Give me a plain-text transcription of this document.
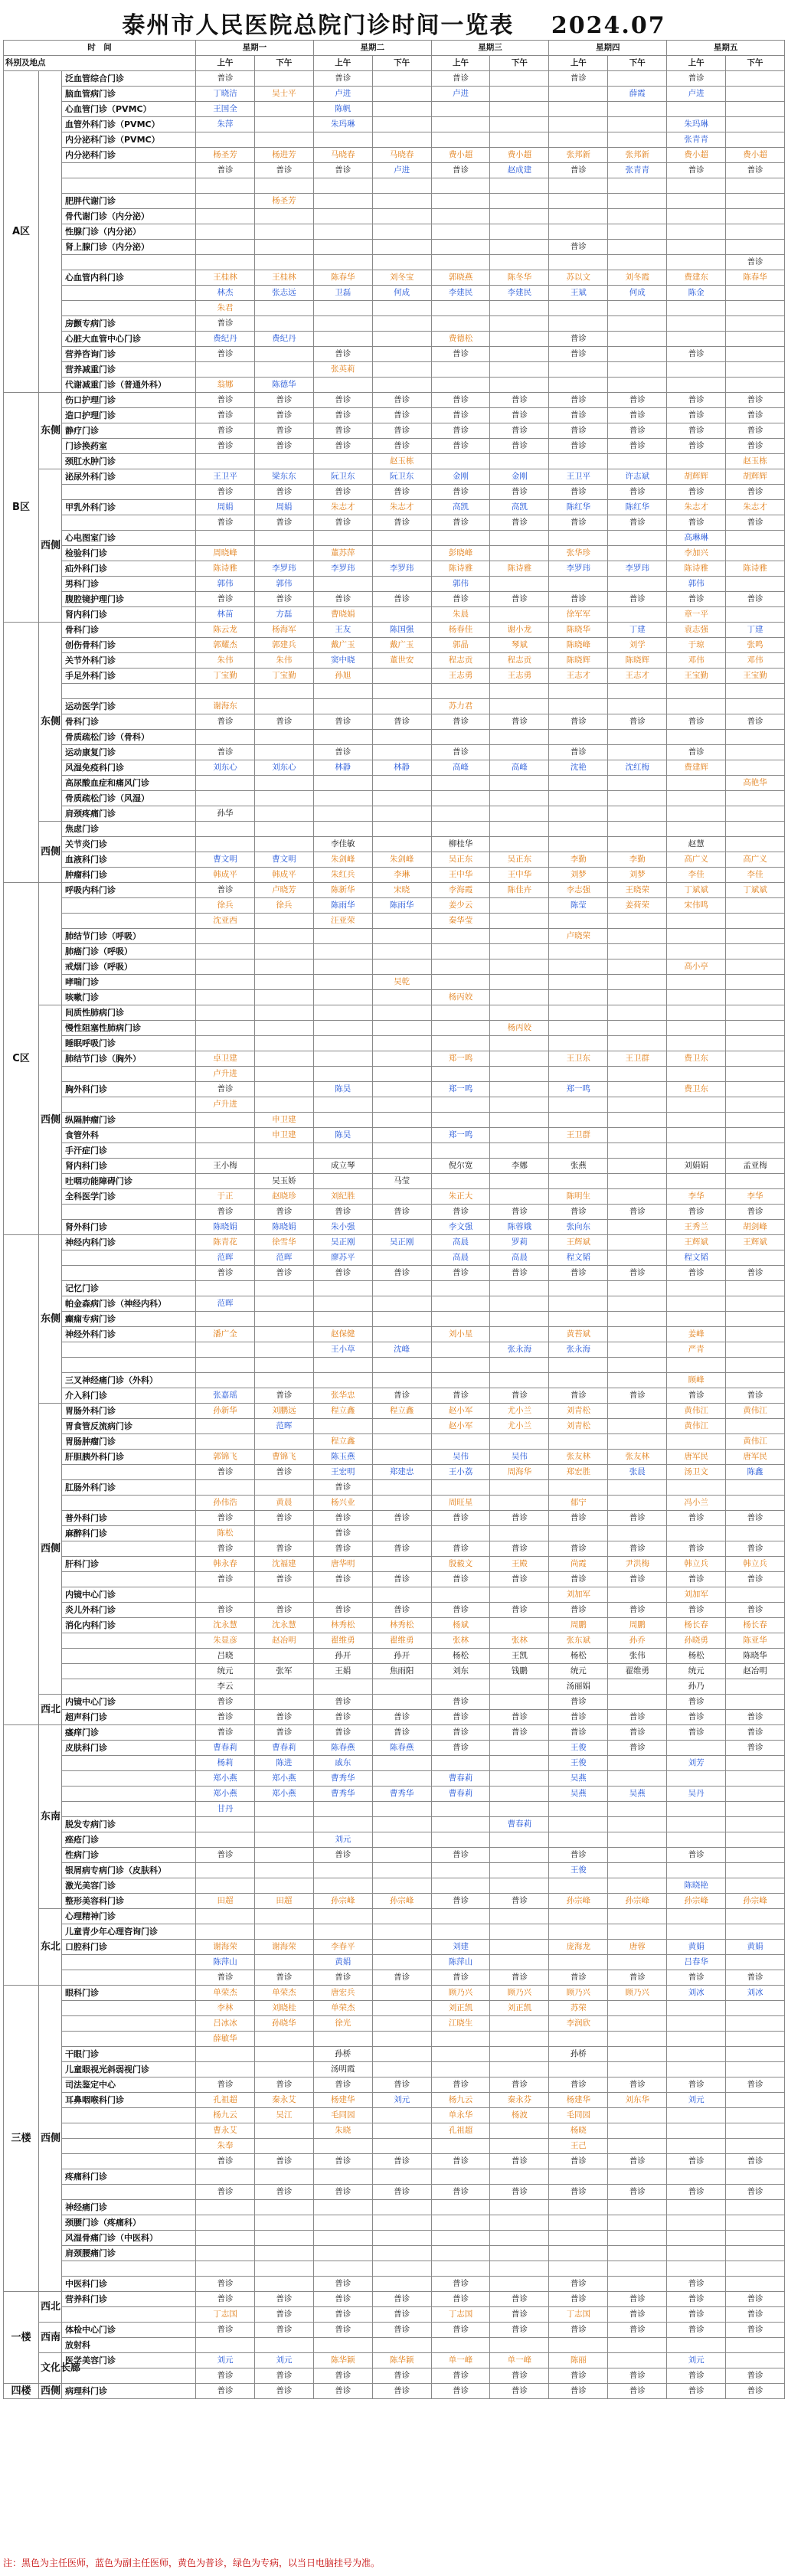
泰州市人民医院总院门诊时间一览表 2024.07
时　间			星期一		星期二		星期三		星期四		星期五	
科别及地点			上午	下午	上午	下午	上午	下午	上午	下午	上午	下午
A区		泛血管综合门诊	普诊		普诊		普诊		普诊		普诊	
		脑血管病门诊	丁晓洁	吴士平	卢进		卢进			薛霞	卢进	
		心血管门诊（PVMC）	王国全		陈帆							
		血管外科门诊（PVMC）	朱萍		朱玛琳						朱玛琳	
		内分泌科门诊（PVMC）									张青青	
		内分泌科门诊	杨圣芳	杨进芳	马晓春	马晓春	费小超	费小超	张邦新	张邦新	费小超	费小超
			普诊	普诊	普诊	卢进	普诊	赵成建	普诊	张青青	普诊	普诊

		肥胖代谢门诊		杨圣芳								
		骨代谢门诊（内分泌）										
		性腺门诊（内分泌）										
		肾上腺门诊（内分泌）							普诊			
												普诊
		心血管内科门诊	王桂林	王桂林	陈春华	刘冬宝	郭晓燕	陈冬华	苏以文	刘冬霞	费建东	陈春华
			林杰	张志远	卫磊	何成	李建民	李建民	王斌	何成	陈金	
			朱君									
		房颤专病门诊	普诊									
		心脏大血管中心门诊	费纪丹	费纪丹			费德松		普诊			
		营养咨询门诊	普诊		普诊		普诊		普诊		普诊	
		营养减重门诊			张英莉							
		代谢减重门诊（普通外科）	翁娜	陈德华								
B区	东侧	伤口护理门诊	普诊	普诊	普诊	普诊	普诊	普诊	普诊	普诊	普诊	普诊
		造口护理门诊	普诊	普诊	普诊	普诊	普诊	普诊	普诊	普诊	普诊	普诊
		静疗门诊	普诊	普诊	普诊	普诊	普诊	普诊	普诊	普诊	普诊	普诊
		门诊换药室	普诊	普诊	普诊	普诊	普诊	普诊	普诊	普诊	普诊	普诊
		颈肛水肿门诊				赵玉栋						赵玉栋
	西侧	泌尿外科门诊	王卫平	梁东东	阮卫东	阮卫东	金刚	金刚	王卫平	许志斌	胡辉辉	胡辉辉
			普诊	普诊	普诊	普诊	普诊	普诊	普诊	普诊	普诊	普诊
		甲乳外科门诊	周娟	周娟	朱志才	朱志才	高凯	高凯	陈红华	陈红华	朱志才	朱志才
			普诊	普诊	普诊	普诊	普诊	普诊	普诊	普诊	普诊	普诊
		心电图室门诊									高琳琳	
		检验科门诊	周晓峰		董苏萍		彭晓峰		张华珍		李加兴	
		疝外科门诊	陈诗雅	李罗玮	李罗玮	李罗玮	陈诗雅	陈诗雅	李罗玮	李罗玮	陈诗雅	陈诗雅
		男科门诊	郭伟	郭伟			郭伟				郭伟	
		腹腔镜护理门诊	普诊	普诊	普诊	普诊	普诊	普诊	普诊	普诊	普诊	普诊
		肾内科门诊	林苗	方磊	曹晓娟		朱晨		徐军军		章一平	
	东侧	骨科门诊	陈云龙	杨海军	王友	陈国强	杨春佳	谢小龙	陈晓华	丁建	袁志强	丁建
		创伤骨科门诊	郭耀杰	郭建兵	戴广玉	戴广玉	郭晶	琴斌	陈晓峰	刘学	于琼	张鸣
		关节外科门诊	朱伟	朱伟	窦中晓	董世安	程志贡	程志贡	陈晓辉	陈晓辉	邓伟	邓伟
		手足外科门诊	丁宝勤	丁宝勤	孙旭		王志勇	王志勇	王志才	王志才	王宝勤	王宝勤

		运动医学门诊	谢海东				苏力君					
		骨科门诊	普诊	普诊	普诊	普诊	普诊	普诊	普诊	普诊	普诊	普诊
		骨质疏松门诊（骨科）										
		运动康复门诊	普诊		普诊		普诊		普诊		普诊	
		风湿免疫科门诊	刘东心	刘东心	林静	林静	高峰	高峰	沈艳	沈红梅	费建辉	
		高尿酸血症和痛风门诊										高艳华
		骨质疏松门诊（风湿）										
		肩颈疼痛门诊	孙华									
	西侧	焦虑门诊										
		关节炎门诊			李佳敏		柳桂华				赵慧	
		血液科门诊	曹文明	曹文明	朱剑峰	朱剑峰	吴正东	吴正东	李勤	李勤	高广义	高广义
		肿瘤科门诊	韩成平	韩成平	朱红兵	李琳	王中华	王中华	刘梦	刘梦	李佳	李佳
C区		呼吸内科门诊	普诊	卢晓芳	陈新华	宋晓	李海霞	陈佳卉	李志强	王晓荣	丁斌斌	丁斌斌
			徐兵	徐兵	陈雨华	陈雨华	姜少云		陈莹	姜荷荣	宋伟鸣	
			沈亚西		汪亚荣		秦华莹					
		肺结节门诊（呼吸）							卢晓荣			
		肺癌门诊（呼吸）										
		戒烟门诊（呼吸）									高小亭	
		哮喘门诊				吴乾						
		咳嗽门诊					杨丙姣					
	西侧	间质性肺病门诊										
		慢性阻塞性肺病门诊						杨丙姣				
		睡眠呼吸门诊										
		肺结节门诊（胸外）	卓卫建				郑一鸣		王卫东	王卫群	费卫东	
			卢升进									
		胸外科门诊	普诊		陈昊		郑一鸣		郑一鸣		费卫东	
			卢升进									
		纵隔肿瘤门诊		申卫建								
		食管外科		申卫建	陈昊		郑一鸣		王卫群			
		手汗症门诊										
		肾内科门诊	王小梅		成立琴		倪尔宽	李娜	张燕		刘娟娟	孟亚梅
		吐咽功能障碍门诊		吴玉娇		马莹						
		全科医学门诊	于正	赵晓珍	刘纪胜		朱正大		陈明生		李华	李华
			普诊	普诊	普诊	普诊	普诊	普诊	普诊	普诊	普诊	普诊
		肾外科门诊	陈晓娟	陈晓娟	朱小强		李文强	陈蓉娥	张向东		王秀兰	胡剑峰
	东侧	神经内科门诊	陈青花	徐雪华	吴正刚	吴正刚	高晨	罗莉	王辉斌		王辉斌	王辉斌
			范晖	范晖	廖苏平		高晨	高晨	程文韬		程文韬	
			普诊	普诊	普诊	普诊	普诊	普诊	普诊	普诊	普诊	普诊
		记忆门诊										
		帕金森病门诊（神经内科）	范晖									
		癫痫专病门诊										
		神经外科门诊	潘广全		赵保健		刘小星		黄苔斌		姜峰	
					王小草	沈峰		张永海	张永海		严青	

		三叉神经痛门诊（外科）									顾峰	
		介入科门诊	张嘉瑶	普诊	张华忠	普诊	普诊	普诊	普诊	普诊	普诊	普诊
	西侧	胃肠外科门诊	孙新华	刘鹏远	程立鑫	程立鑫	赵小军	尤小兰	刘青松		黄伟江	黄伟江
		胃食管反流病门诊		范晖			赵小军	尤小兰	刘青松		黄伟江	
		胃肠肿瘤门诊			程立鑫							黄伟江
		肝胆胰外科门诊	郭锦飞	曹锦飞	陈玉燕		吴伟	吴伟	张友林	张友林	唐军民	唐军民
			普诊	普诊	王宏明	郑建忠	王小荔	周海华	郑宏胜	张晨	汤卫文	陈鑫
		肛肠外科门诊			普诊							
			孙伟浩	黄晨	杨兴业		周旺星		郁宁		冯小兰	
		普外科门诊	普诊	普诊	普诊	普诊	普诊	普诊	普诊	普诊	普诊	普诊
		麻醉科门诊	陈松		普诊							
			普诊	普诊	普诊	普诊	普诊	普诊	普诊	普诊	普诊	普诊
		肝科门诊	韩永春	沈福建	唐华明		殷毅文	王殿	尚霞	尹洪梅	韩立兵	韩立兵
			普诊	普诊	普诊	普诊	普诊	普诊	普诊	普诊	普诊	普诊
		内镜中心门诊							刘加军		刘加军	
		炎儿外科门诊	普诊	普诊	普诊	普诊	普诊	普诊	普诊	普诊	普诊	普诊
		消化内科门诊	沈永慧	沈永慧	林秀松	林秀松	杨斌		周鹏	周鹏	杨长春	杨长春
			朱显彦	赵冶明	翟维勇	翟维勇	张林	张林	张东斌	孙乔	孙晓勇	陈亚华
			吕晓		孙开	孙开	杨松	王凯	杨松	张伟	杨松	陈晓华
			统元	张军	王娟	焦雨阳	刘东	钱鹏	统元	翟维勇	统元	赵冶明
			李云						汤丽娟		孙乃	
	西北	内镜中心门诊	普诊		普诊		普诊		普诊		普诊	
		超声科门诊	普诊	普诊	普诊	普诊	普诊	普诊	普诊	普诊	普诊	普诊
	东南	瘙痒门诊	普诊	普诊	普诊	普诊	普诊	普诊	普诊	普诊	普诊	普诊
		皮肤科门诊	曹春莉	曹春莉	陈春燕	陈春燕	普诊		王俊	普诊		普诊
			杨莉	陈进	戚东				王俊		刘芳	
			郑小燕	郑小燕	曹秀华		曹春莉		吴燕			
			郑小燕	郑小燕	曹秀华	曹秀华	曹春莉		吴燕	吴燕	吴丹	
			甘丹									
		脱发专病门诊						曹春莉				
		痤疮门诊			刘元							
		性病门诊	普诊		普诊		普诊		普诊		普诊	
		银屑病专病门诊（皮肤科）							王俊			
		激光美容门诊									陈晓艳	
		整形美容科门诊	田超	田超	孙宗峰	孙宗峰	普诊	普诊	孙宗峰	孙宗峰	孙宗峰	孙宗峰
	东北	心理精神门诊										
		儿童青少年心理咨询门诊										
		口腔科门诊	谢海荣	谢海荣	李春平		刘建		庞海龙	唐蓉	黄娟	黄娟
			陈萍山		黄娟		陈萍山				吕春华	
			普诊	普诊	普诊	普诊	普诊	普诊	普诊	普诊	普诊	普诊
三楼	西侧	眼科门诊	单荣杰	单荣杰	唐宏兵		顾乃兴	顾乃兴	顾乃兴	顾乃兴	刘冰	刘冰
			李林	刘晓桂	单荣杰		刘正凯	刘正凯	苏荣			
			吕冰冰	孙晓华	徐光		江晓生		李润欣			
			薛敏华									
		干眼门诊			孙桥				孙桥			
		儿童眼视光斜弱视门诊			汤明霞							
		司法鉴定中心	普诊	普诊	普诊	普诊	普诊	普诊	普诊	普诊	普诊	普诊
		耳鼻咽喉科门诊	孔祖超	秦永艾	杨建华	刘元	杨九云	秦永芬	杨建华	刘东华	刘元	
			杨九云	吴江	毛同园		单永华	杨波	毛同园			
			曹永艾		朱晓		孔祖超		杨晓			
			朱奉						王己			
			普诊	普诊	普诊	普诊	普诊	普诊	普诊	普诊	普诊	普诊
		疼痛科门诊										
			普诊	普诊	普诊	普诊	普诊	普诊	普诊	普诊	普诊	普诊
		神经痛门诊										
		颈腰门诊（疼痛科）										
		风湿骨痛门诊（中医科）										
		肩颈腰痛门诊										

		中医科门诊	普诊		普诊		普诊		普诊		普诊	
一楼	西北	营养科门诊	普诊	普诊	普诊	普诊	普诊	普诊	普诊	普诊	普诊	普诊
			丁志国	普诊	普诊	普诊	丁志国	普诊	丁志国	普诊	普诊	普诊
	西南	体检中心门诊	普诊	普诊	普诊	普诊	普诊	普诊	普诊	普诊	普诊	普诊
		放射科										
	文化长廊	医学美容门诊	刘元	刘元	陈华颖	陈华颖	单一峰	单一峰	陈丽		刘元	
			普诊	普诊	普诊	普诊	普诊	普诊	普诊	普诊	普诊	普诊
四楼	西侧	病理科门诊	普诊	普诊	普诊	普诊	普诊	普诊	普诊	普诊	普诊	普诊
注：黑色为主任医师，蓝色为副主任医师，黄色为普诊，绿色为专病，以当日电脑挂号为准。
